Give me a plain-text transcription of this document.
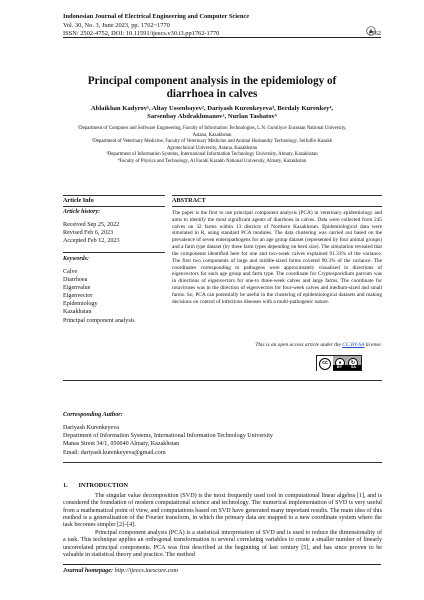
Indonesian Journal of Electrical Engineering and Computer Science
Vol. 30, No. 3, June 2023, pp. 1762~1770
ISSN: 2502-4752, DOI: 10.11591/ijeecs.v30.i3.pp1762-1770	1762
Principal component analysis in the epidemiology of
diarrhoea in calves
Ablaikhan Kadyrov¹, Altay Ussenbayev², Dariyash Kurenkeyeva³, Berdaly Kurenkey⁴,
Sarsenbay Abdrakhmanov², Nurlan Tashatov⁵
¹Department of Computer and Software Engineering, Faculty of Information Technologies, L.N. Gumilyov Eurasian National University,
Astana, Kazakhstan
²Department of Veterinary Medicine, Faculty of Veterinary Medicine and Animal Husbandry Technology, Seifullin Kazakh
Agrotechnical University, Astana, Kazakhstan
³Department of Information Systems, International Information Technology University, Almaty, Kazakhstan
⁴Faculty of Physics and Technology, Al Farabi Kazakh National University, Almaty, Kazakhstan
Article Info
Article history:
Received Sep 25, 2022
Revised Feb 6, 2023
Accepted Feb 12, 2023
Keywords:
Calve
Diarrhoea
Eigenvalue
Eigenvector
Epidemiology
Kazakhstan
Principal component analysis
ABSTRACT
The paper is the first to use principal component analysis (PCA) in veterinary epidemiology and aims to identify the most significant agents of diarrhoea in calves. Data were collected from 245 calves on 32 farms within 13 districts of Northern Kazakhstan. Epidemiological data were simulated in R, using standard PCA modules. The data clustering was carried out based on the prevalence of seven enteropathogens for an age group dataset (represented by four animal groups) and a farm type dataset (by three farm types depending on herd size). The simulation revealed that the components identified here for one and two-week calves explained 91.33% of the variance. The first two components of large and middle-sized farms covered 90.3% of the variance. The coordinates corresponding to pathogens were approximately visualised in directions of eigenvectors for each age group and farm type. The coordinate for Cryptosporidium parvum was in directions of eigenvectors for one-to three-week calves and large farms. The coordinate for rotaviruses was in the direction of eigenvectors for four-week calves and medium-sized and small farms. So, PCA can potentially be useful in the clustering of epidemiological datasets and making decisions on control of infectious diseases with a multi-pathogenic nature.
This is an open access article under the CC BY-SA license.
cc	●	↻
BY	SA
Corresponding Author:
Dariyash Kurenkeyeva
Department of Information Systems, International Information Technology University
Manas Street 34/1, 050040 Almaty, Kazakhstan
Email: dariyash.kurenkeyeva@gmail.com
1.       INTRODUCTION
The singular value decomposition (SVD) is the most frequently used tool in computational linear algebra [1], and is considered the foundation of modern computational science and technology. The numerical implementation of SVD is very useful from a mathematical point of view, and computations based on SVD have generated many important results. The main idea of this method is a generalisation of the Fourier transform, in which the primary data are mapped to a new coordinate system where the task becomes simpler [2]–[4].
Principal component analysis (PCA) is a statistical interpretation of SVD and is used to reduce the dimensionality of a task. This technique applies an orthogonal transformation to several correlating variables to create a smaller number of linearly uncorrelated principal components. PCA was first described at the beginning of last century [5], and has since proven to be valuable in statistical theory and practice. The method
Journal homepage: http://ijeecs.iaescore.com
